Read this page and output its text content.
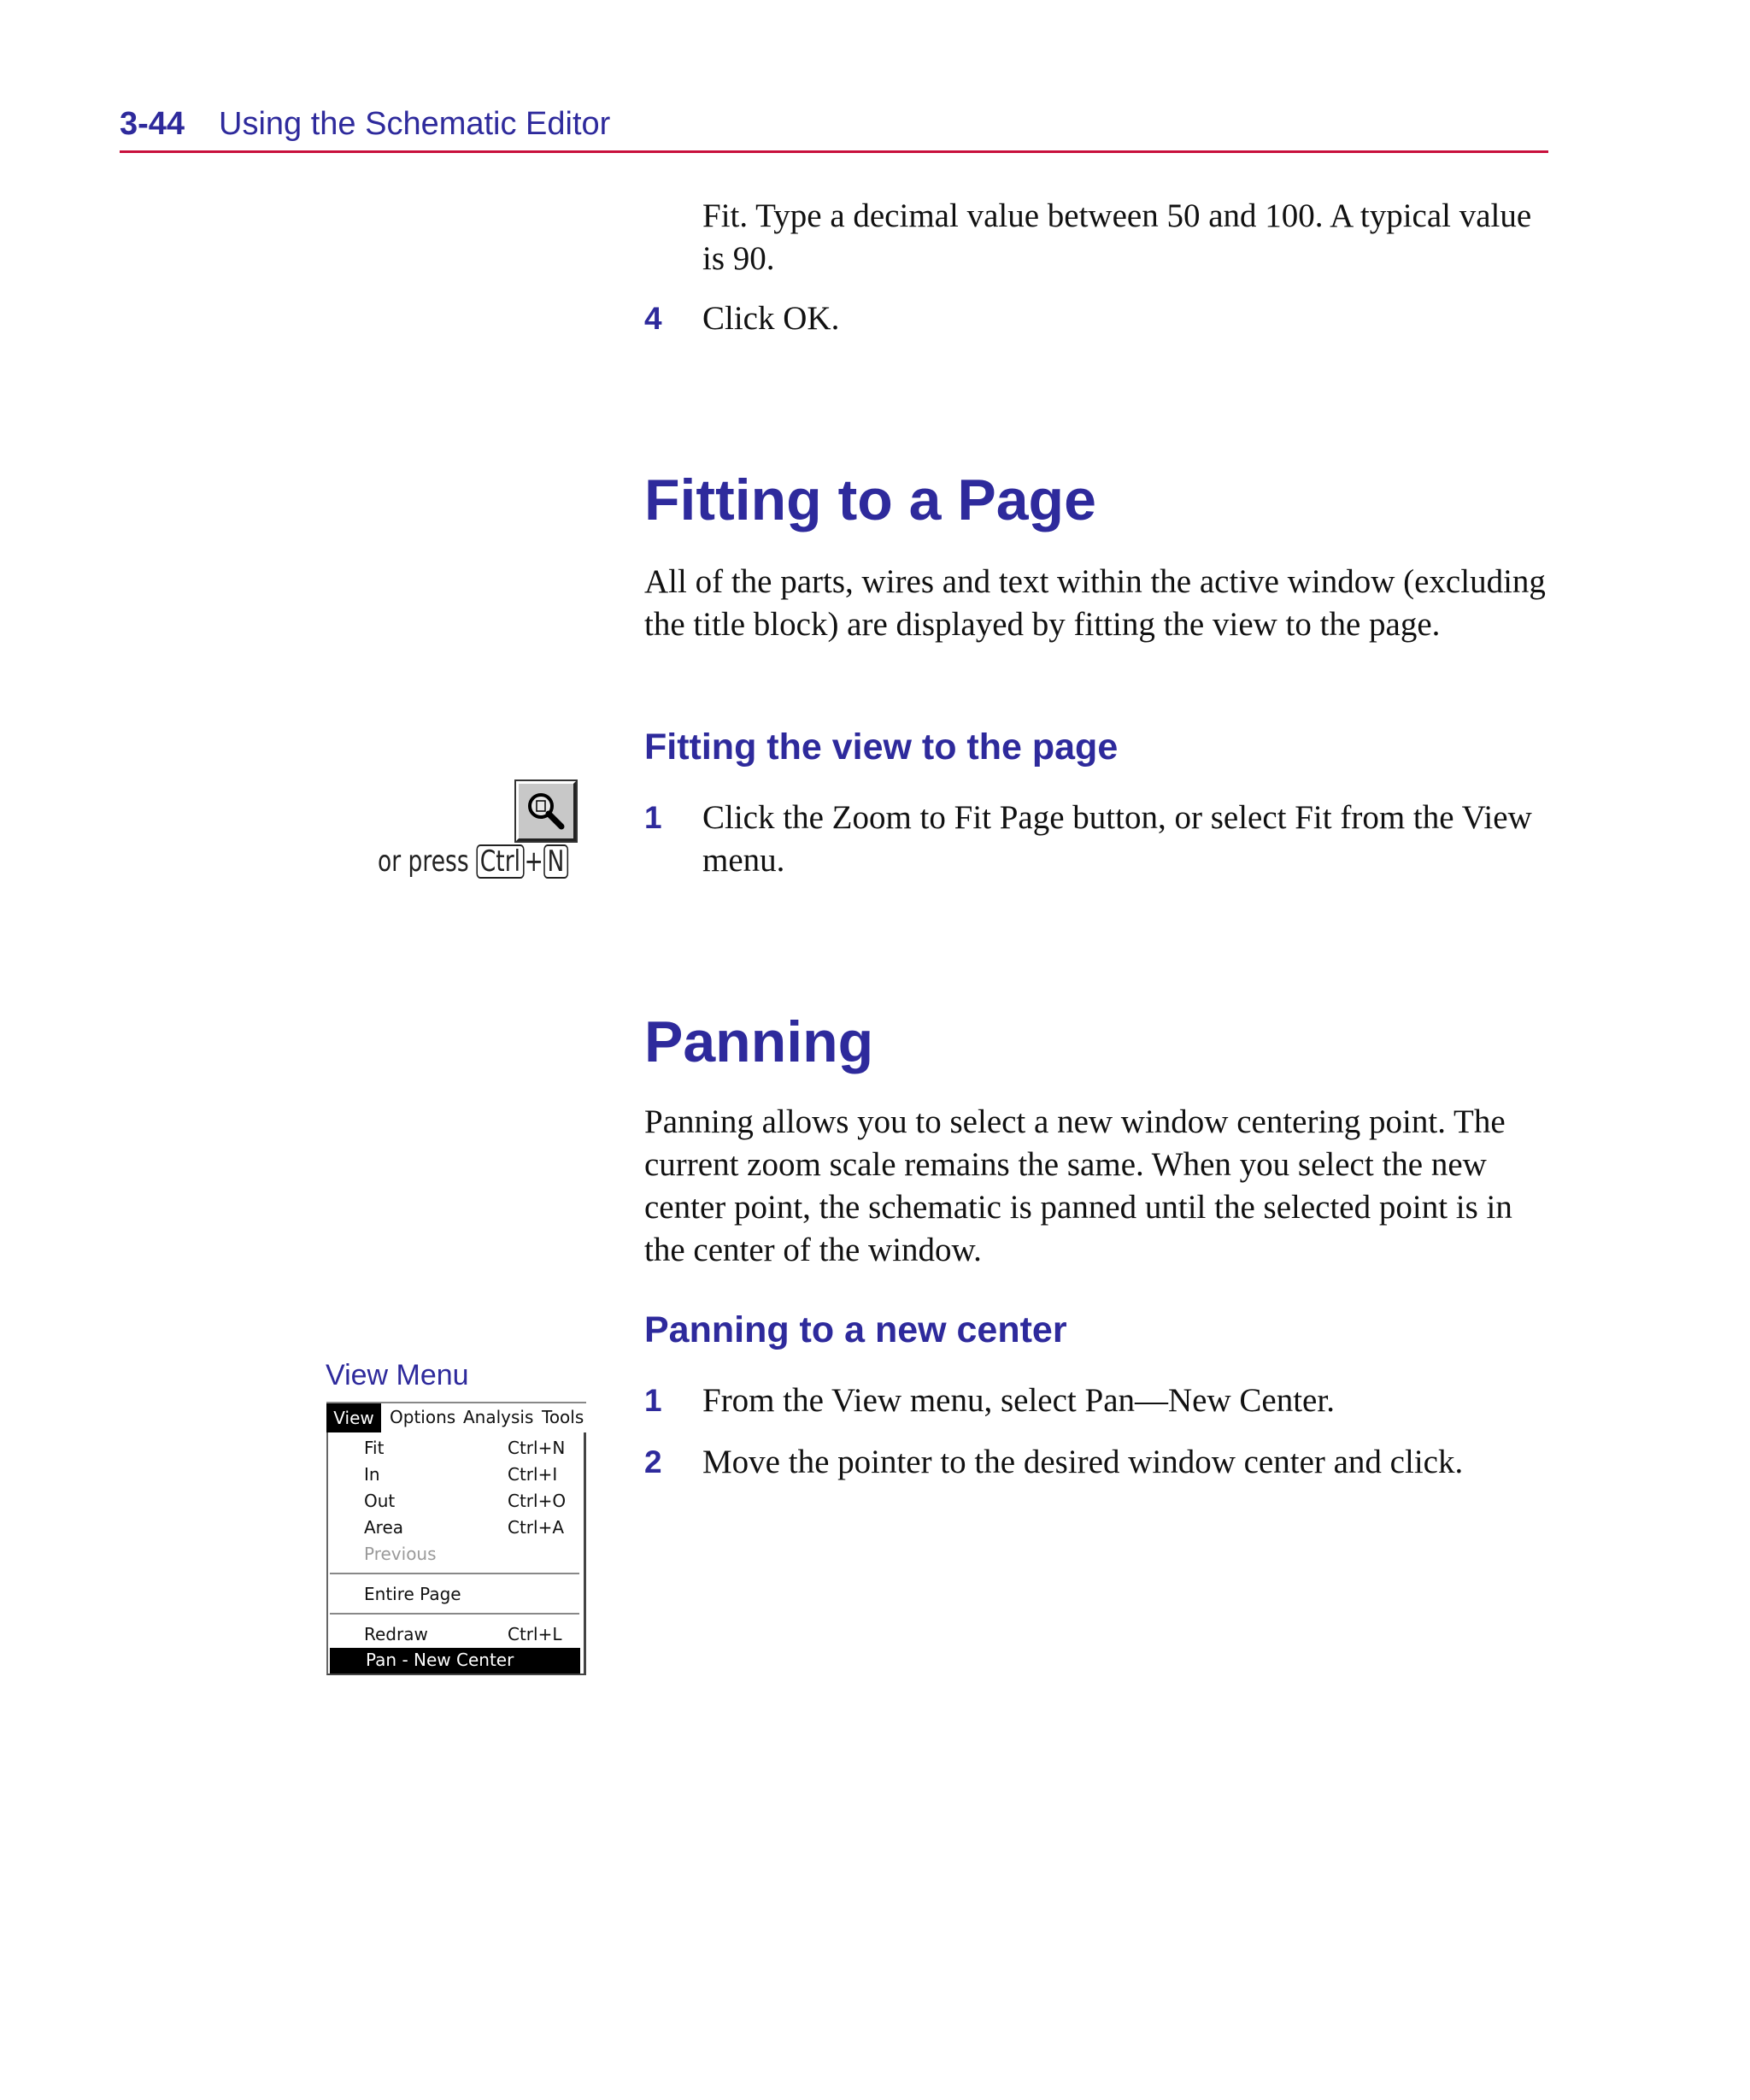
3-44 Using the Schematic Editor

Fit. Type a decimal value between 50 and 100. A typical value is 90.

4 Click OK.

Fitting to a Page

All of the parts, wires and text within the active window (excluding the title block) are displayed by fitting the view to the page.

Fitting the view to the page
1 Click the Zoom to Fit Page button, or select Fit from the View menu.

or press Ctrl + N
Panning

Panning allows you to select a new window centering point. The current zoom scale remains the same. When you select the new center point, the schematic is panned until the selected point is in the center of the window.

Panning to a new center
1 From the View menu, select Pan—New Center.

2 Move the pointer to the desired window center and click.

View Menu
View Options Analysis Tools
Fit	Ctrl+N
In	Ctrl+I
Out	Ctrl+O
Area	Ctrl+A
Previous
Entire Page
Redraw	Ctrl+L
Pan - New Center
